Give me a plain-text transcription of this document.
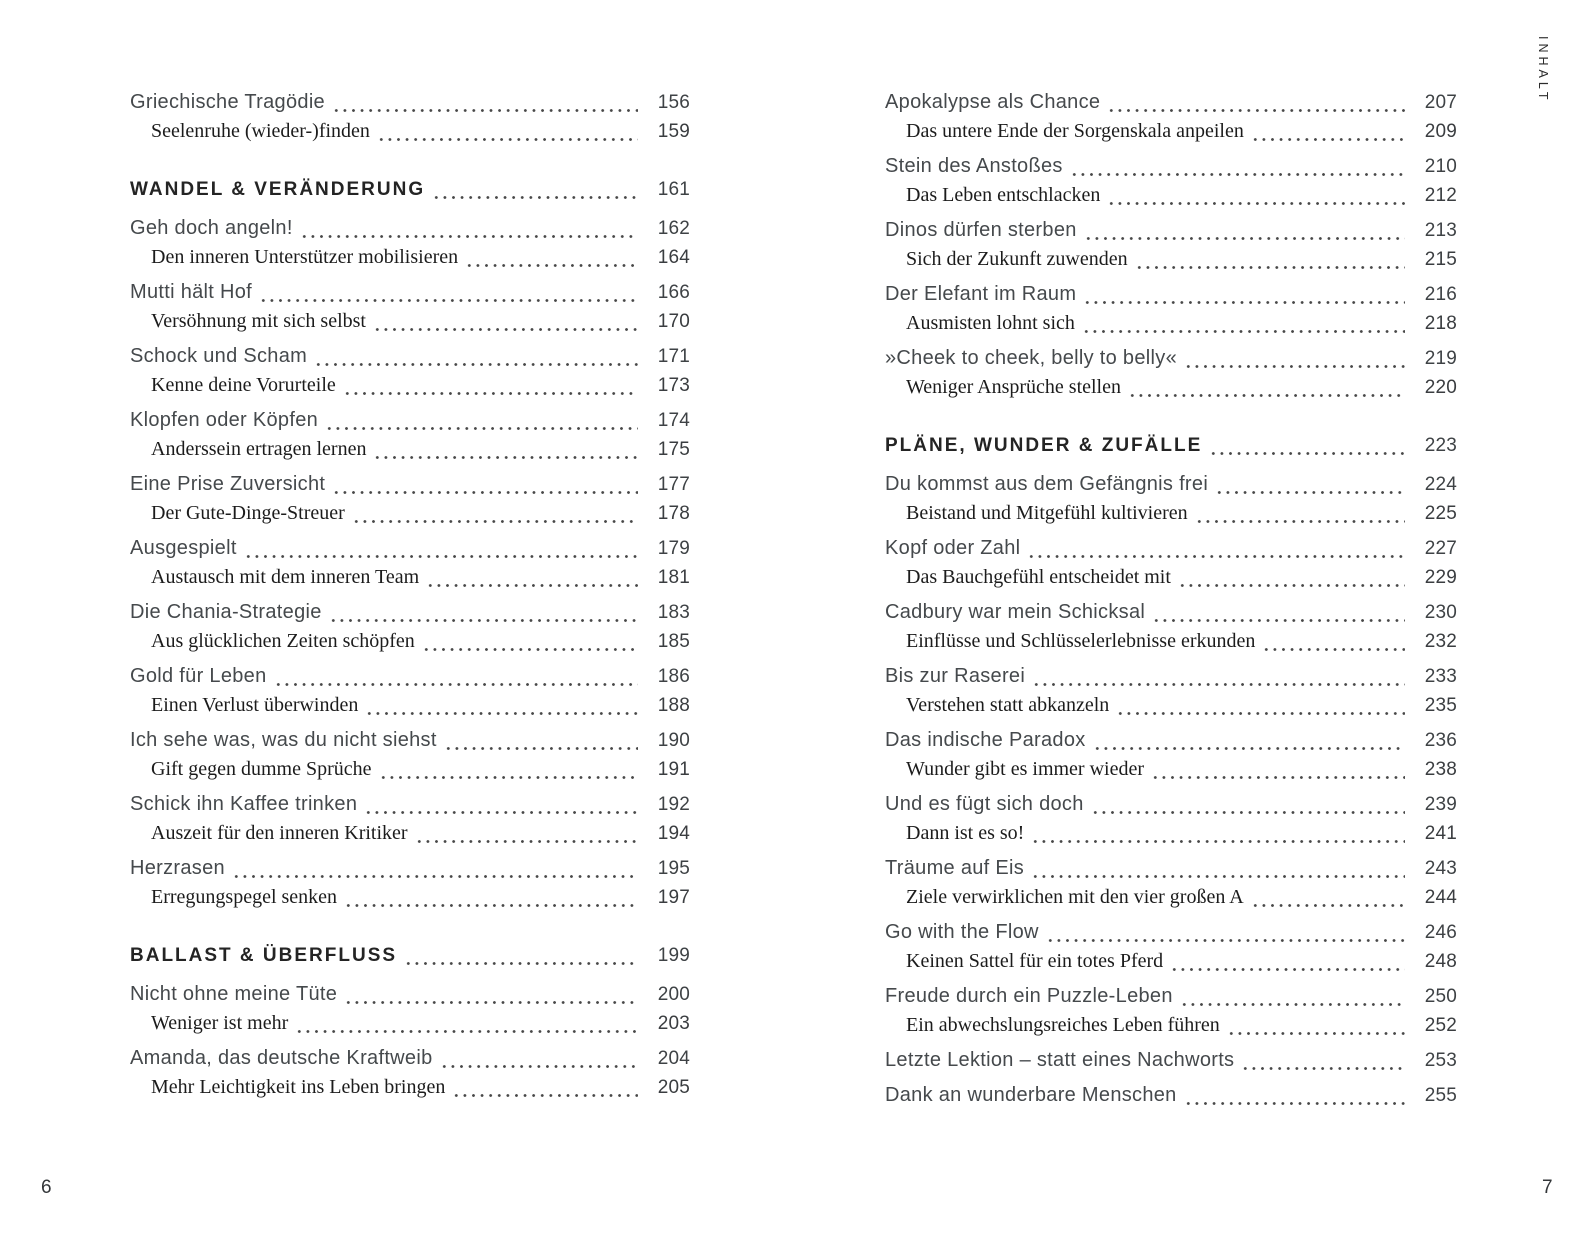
Griechische Tragödie	156
Seelenruhe (wieder-)finden	159
WANDEL & VERÄNDERUNG	161
Geh doch angeln!	162
Den inneren Unterstützer mobilisieren	164
Mutti hält Hof	166
Versöhnung mit sich selbst	170
Schock und Scham	171
Kenne deine Vorurteile	173
Klopfen oder Köpfen	174
Anderssein ertragen lernen	175
Eine Prise Zuversicht	177
Der Gute-Dinge-Streuer	178
Ausgespielt	179
Austausch mit dem inneren Team	181
Die Chania-Strategie	183
Aus glücklichen Zeiten schöpfen	185
Gold für Leben	186
Einen Verlust überwinden	188
Ich sehe was, was du nicht siehst	190
Gift gegen dumme Sprüche	191
Schick ihn Kaffee trinken	192
Auszeit für den inneren Kritiker	194
Herzrasen	195
Erregungspegel senken	197
BALLAST & ÜBERFLUSS	199
Nicht ohne meine Tüte	200
Weniger ist mehr	203
Amanda, das deutsche Kraftweib	204
Mehr Leichtigkeit ins Leben bringen	205
Apokalypse als Chance	207
Das untere Ende der Sorgenskala anpeilen	209
Stein des Anstoßes	210
Das Leben entschlacken	212
Dinos dürfen sterben	213
Sich der Zukunft zuwenden	215
Der Elefant im Raum	216
Ausmisten lohnt sich	218
»Cheek to cheek, belly to belly«	219
Weniger Ansprüche stellen	220
PLÄNE, WUNDER & ZUFÄLLE	223
Du kommst aus dem Gefängnis frei	224
Beistand und Mitgefühl kultivieren	225
Kopf oder Zahl	227
Das Bauchgefühl entscheidet mit	229
Cadbury war mein Schicksal	230
Einflüsse und Schlüsselerlebnisse erkunden	232
Bis zur Raserei	233
Verstehen statt abkanzeln	235
Das indische Paradox	236
Wunder gibt es immer wieder	238
Und es fügt sich doch	239
Dann ist es so!	241
Träume auf Eis	243
Ziele verwirklichen mit den vier großen A	244
Go with the Flow	246
Keinen Sattel für ein totes Pferd	248
Freude durch ein Puzzle-Leben	250
Ein abwechslungsreiches Leben führen	252
Letzte Lektion – statt eines Nachworts	253
Dank an wunderbare Menschen	255
INHALT
6	7
